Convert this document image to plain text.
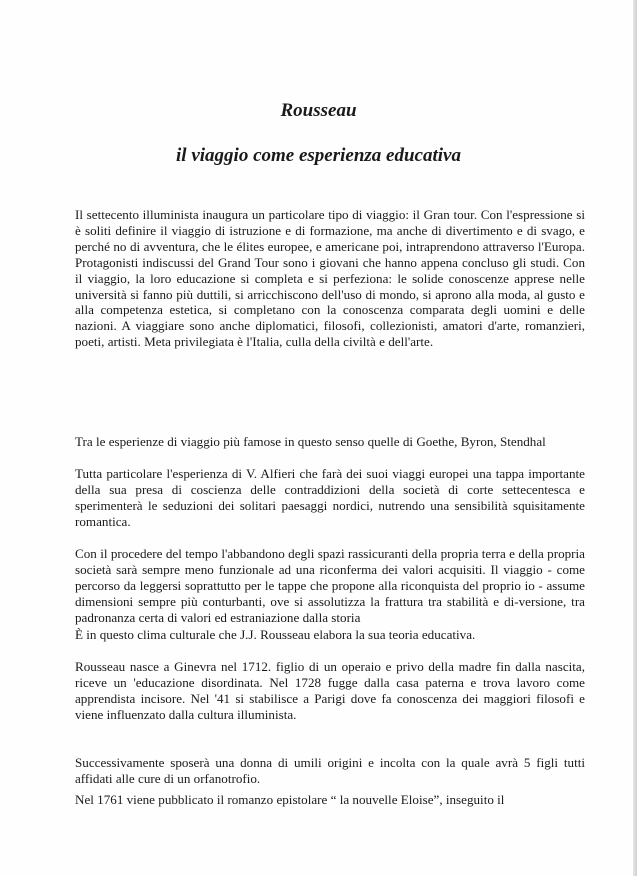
Rousseau
il viaggio come esperienza educativa

Il settecento illuminista inaugura un particolare tipo di viaggio: il Gran tour. Con l'espressione si è soliti definire il viaggio di istruzione e di formazione, ma anche di divertimento e di svago, e perché no di avventura, che le élites europee, e americane poi, intraprendono attraverso l'Europa. Protagonisti indiscussi del Grand Tour sono i giovani che hanno appena concluso gli studi. Con il viaggio, la loro educazione si completa e si perfeziona: le solide conoscenze apprese nelle università si fanno più duttili, si arricchiscono dell'uso di mondo, si aprono alla moda, al gusto e alla competenza estetica, si completano con la conoscenza comparata degli uomini e delle nazioni. A viaggiare sono anche diplomatici, filosofi, collezionisti, amatori d'arte, romanzieri, poeti, artisti. Meta privilegiata è l'Italia, culla della civiltà e dell'arte.

Tra le esperienze di viaggio più famose in questo senso quelle di Goethe, Byron, Stendhal

Tutta particolare l'esperienza di V. Alfieri che farà dei suoi viaggi europei una tappa importante della sua presa di coscienza delle contraddizioni della società di corte settecentesca e sperimenterà le seduzioni dei solitari paesaggi nordici, nutrendo una sensibilità squisitamente romantica.

Con il procedere del tempo l'abbandono degli spazi rassicuranti della propria terra e della propria società sarà sempre meno funzionale ad una riconferma dei valori acquisiti. Il viaggio - come percorso da leggersi soprattutto per le tappe che propone alla riconquista del proprio io - assume dimensioni sempre più conturbanti, ove si assolutizza la frattura tra stabilità e di-versione, tra padronanza certa di valori ed estraniazione dalla storia

È in questo clima culturale che J.J. Rousseau elabora la sua teoria educativa.

Rousseau nasce a Ginevra nel 1712. figlio di un operaio e privo della madre fin dalla nascita, riceve un 'educazione disordinata. Nel 1728 fugge dalla casa paterna e trova lavoro come apprendista incisore. Nel '41 si stabilisce a Parigi dove fa conoscenza dei maggiori filosofi e viene influenzato dalla cultura illuminista.

Successivamente sposerà una donna di umili origini e incolta con la quale avrà 5 figli tutti affidati alle cure di un orfanotrofio.

Nel 1761 viene pubblicato il romanzo epistolare “ la nouvelle Eloise”, inseguito il
